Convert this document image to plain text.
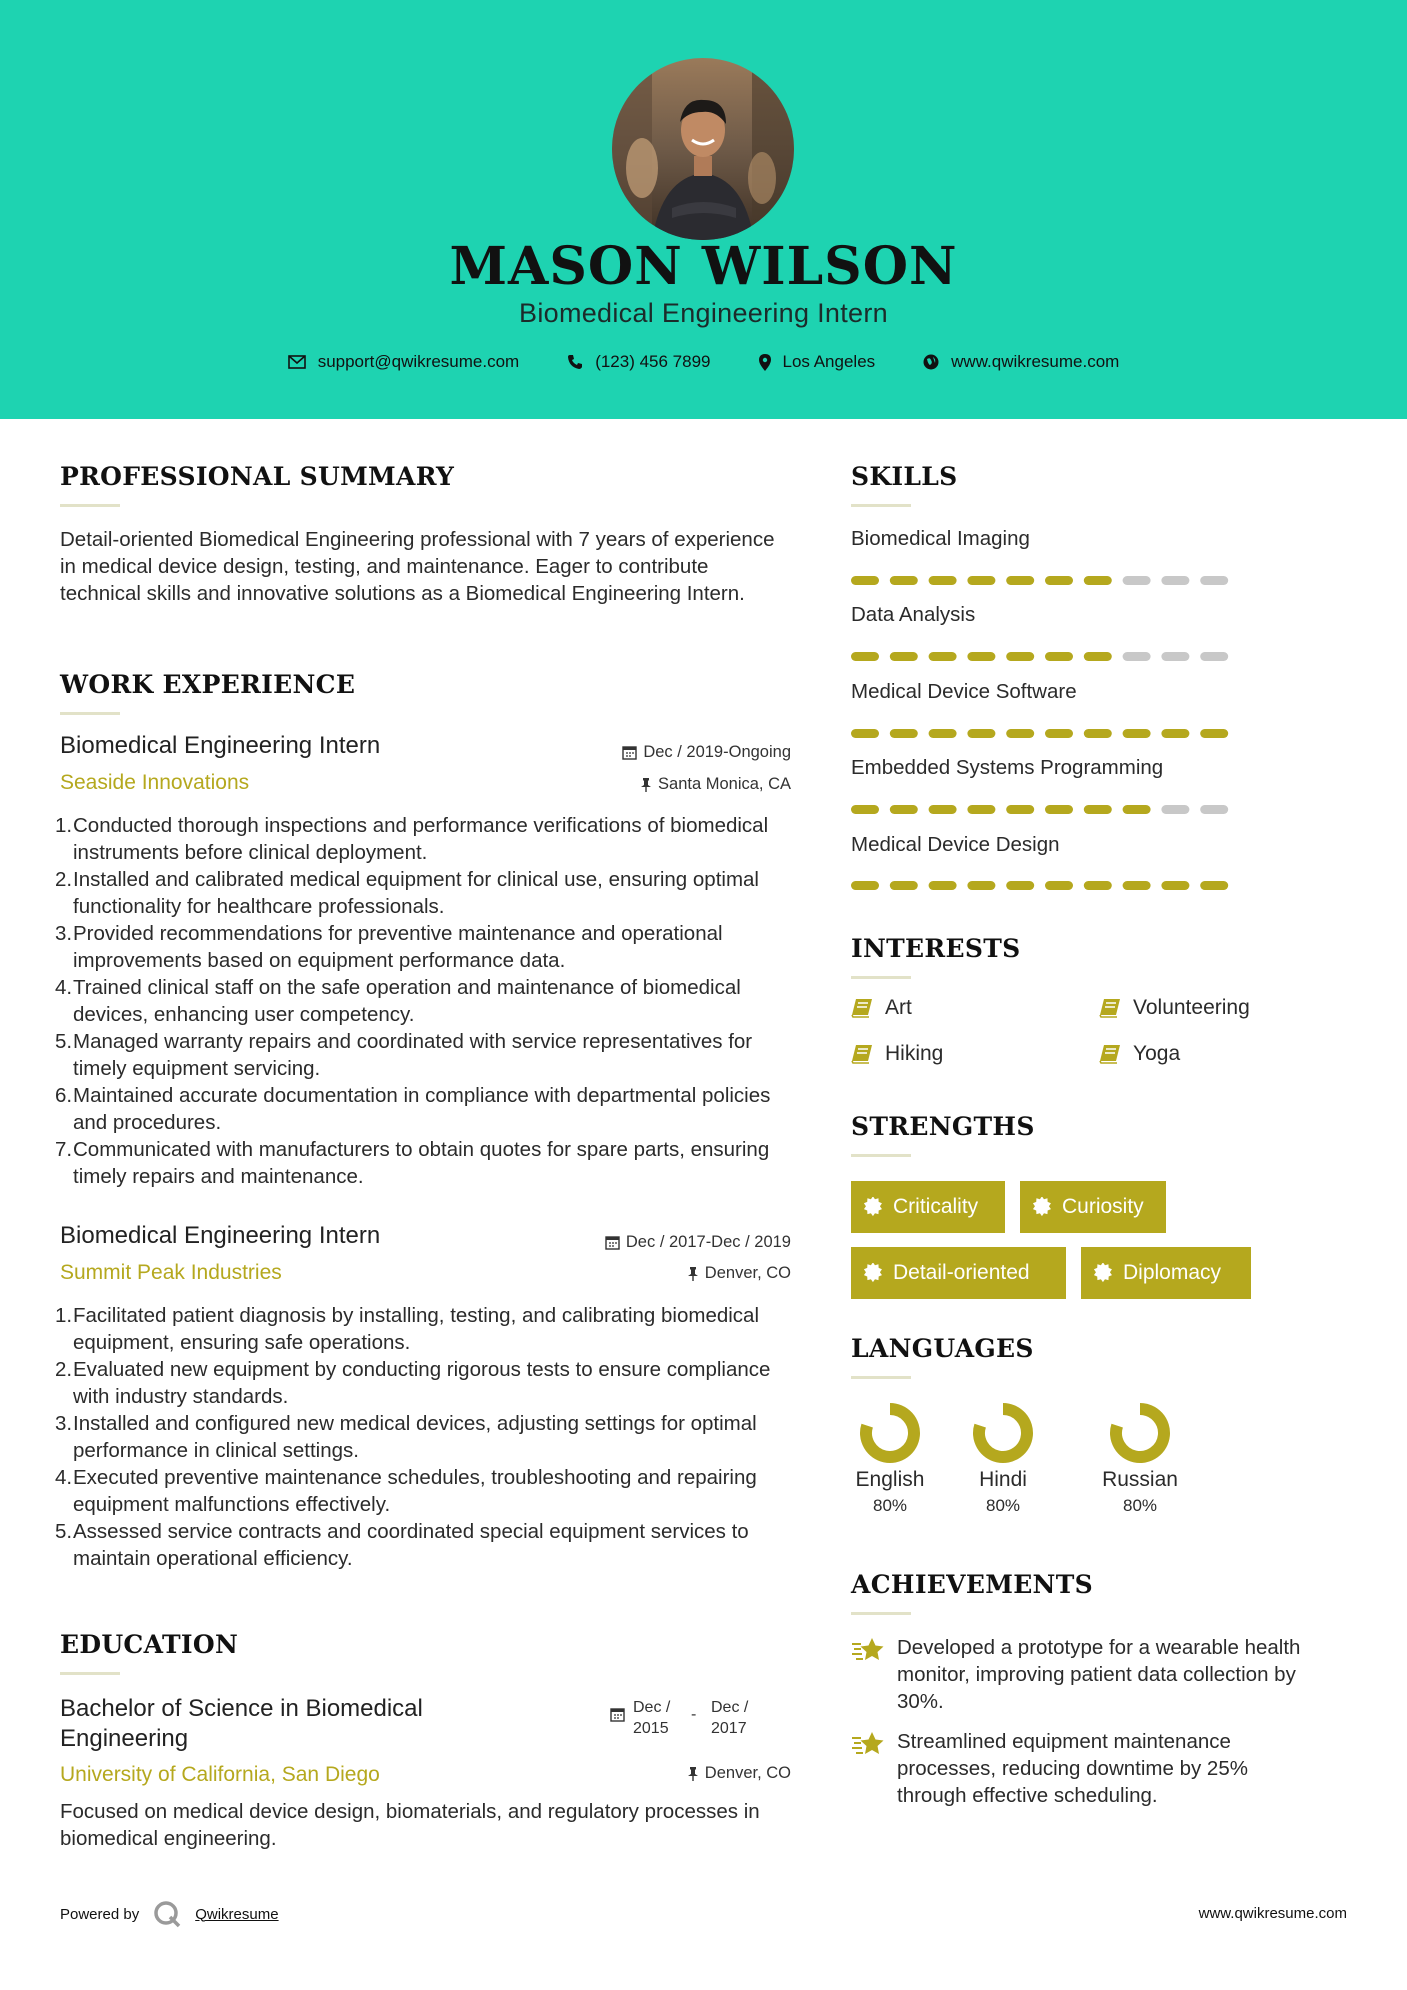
MASON WILSON
Biomedical Engineering Intern
support@qwikresume.com	(123) 456 7899	Los Angeles	www.qwikresume.com
PROFESSIONAL SUMMARY
Detail-oriented Biomedical Engineering professional with 7 years of experience in medical device design, testing, and maintenance. Eager to contribute technical skills and innovative solutions as a Biomedical Engineering Intern.
WORK EXPERIENCE
Biomedical Engineering Intern
Seaside Innovations
Dec / 2019-Ongoing
Santa Monica, CA
1. Conducted thorough inspections and performance verifications of biomedical instruments before clinical deployment.
2. Installed and calibrated medical equipment for clinical use, ensuring optimal functionality for healthcare professionals.
3. Provided recommendations for preventive maintenance and operational improvements based on equipment performance data.
4. Trained clinical staff on the safe operation and maintenance of biomedical devices, enhancing user competency.
5. Managed warranty repairs and coordinated with service representatives for timely equipment servicing.
6. Maintained accurate documentation in compliance with departmental policies and procedures.
7. Communicated with manufacturers to obtain quotes for spare parts, ensuring timely repairs and maintenance.
Biomedical Engineering Intern
Summit Peak Industries
Dec / 2017-Dec / 2019
Denver, CO
1. Facilitated patient diagnosis by installing, testing, and calibrating biomedical equipment, ensuring safe operations.
2. Evaluated new equipment by conducting rigorous tests to ensure compliance with industry standards.
3. Installed and configured new medical devices, adjusting settings for optimal performance in clinical settings.
4. Executed preventive maintenance schedules, troubleshooting and repairing equipment malfunctions effectively.
5. Assessed service contracts and coordinated special equipment services to maintain operational efficiency.
EDUCATION
Bachelor of Science in Biomedical Engineering
Dec / 2015
- Dec / 2017
University of California, San Diego	Denver, CO
Focused on medical device design, biomaterials, and regulatory processes in biomedical engineering.
SKILLS
Biomedical Imaging
Data Analysis
Medical Device Software
Embedded Systems Programming
Medical Device Design
INTERESTS
Art	Volunteering
Hiking	Yoga
STRENGTHS
Criticality	Curiosity
Detail-oriented	Diplomacy
LANGUAGES
English
80%
Hindi
80%
Russian
80%
ACHIEVEMENTS
Developed a prototype for a wearable health monitor, improving patient data collection by 30%.
Streamlined equipment maintenance processes, reducing downtime by 25% through effective scheduling.
Powered by	Qwikresume	www.qwikresume.com
